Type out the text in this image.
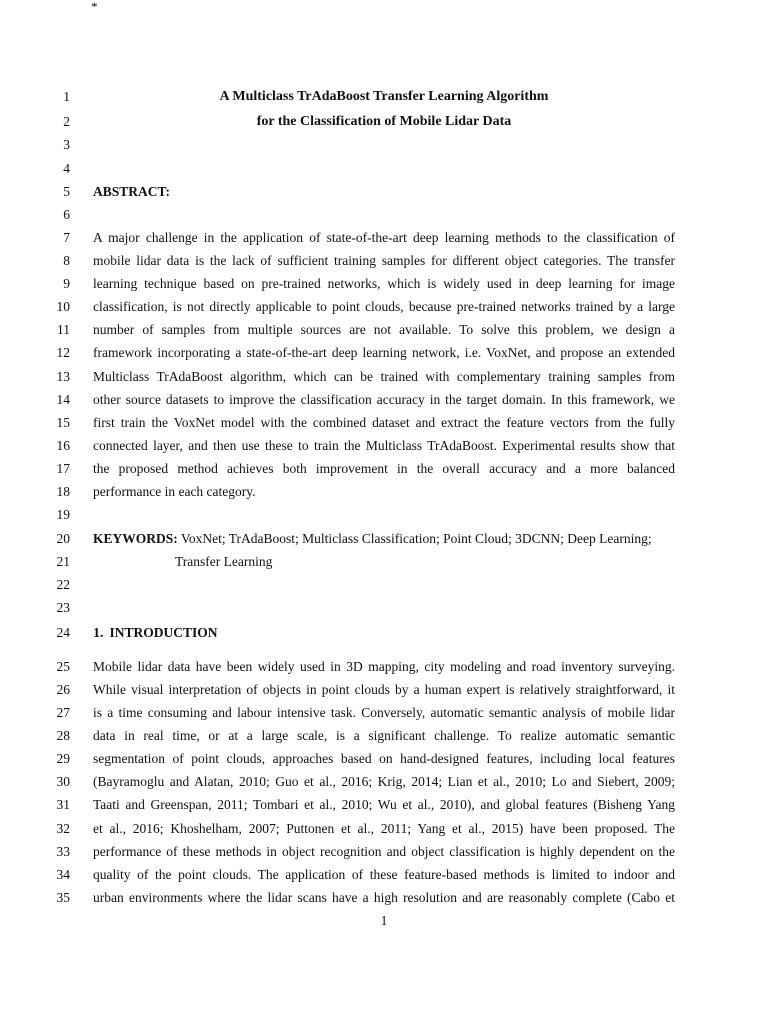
*
1
2
3
4
5
6
7
8
9
10
11
12
13
14
15
16
17
18
19
20
21
22
23
24
25
26
27
28
29
30
31
32
33
34
35
A Multiclass TrAdaBoost Transfer Learning Algorithm
for the Classification of Mobile Lidar Data
ABSTRACT:
A major challenge in the application of state-of-the-art deep learning methods to the classification of
mobile lidar data is the lack of sufficient training samples for different object categories. The transfer
learning technique based on pre-trained networks, which is widely used in deep learning for image
classification, is not directly applicable to point clouds, because pre-trained networks trained by a large
number of samples from multiple sources are not available. To solve this problem, we design a
framework incorporating a state-of-the-art deep learning network, i.e. VoxNet, and propose an extended
Multiclass TrAdaBoost algorithm, which can be trained with complementary training samples from
other source datasets to improve the classification accuracy in the target domain. In this framework, we
first train the VoxNet model with the combined dataset and extract the feature vectors from the fully
connected layer, and then use these to train the Multiclass TrAdaBoost. Experimental results show that
the proposed method achieves both improvement in the overall accuracy and a more balanced
performance in each category.
KEYWORDS: VoxNet; TrAdaBoost; Multiclass Classification; Point Cloud; 3DCNN; Deep Learning;
Transfer Learning
1. INTRODUCTION
Mobile lidar data have been widely used in 3D mapping, city modeling and road inventory surveying.
While visual interpretation of objects in point clouds by a human expert is relatively straightforward, it
is a time consuming and labour intensive task. Conversely, automatic semantic analysis of mobile lidar
data in real time, or at a large scale, is a significant challenge. To realize automatic semantic
segmentation of point clouds, approaches based on hand-designed features, including local features
(Bayramoglu and Alatan, 2010; Guo et al., 2016; Krig, 2014; Lian et al., 2010; Lo and Siebert, 2009;
Taati and Greenspan, 2011; Tombari et al., 2010; Wu et al., 2010), and global features (Bisheng Yang
et al., 2016; Khoshelham, 2007; Puttonen et al., 2011; Yang et al., 2015) have been proposed. The
performance of these methods in object recognition and object classification is highly dependent on the
quality of the point clouds. The application of these feature-based methods is limited to indoor and
urban environments where the lidar scans have a high resolution and are reasonably complete (Cabo et
1
